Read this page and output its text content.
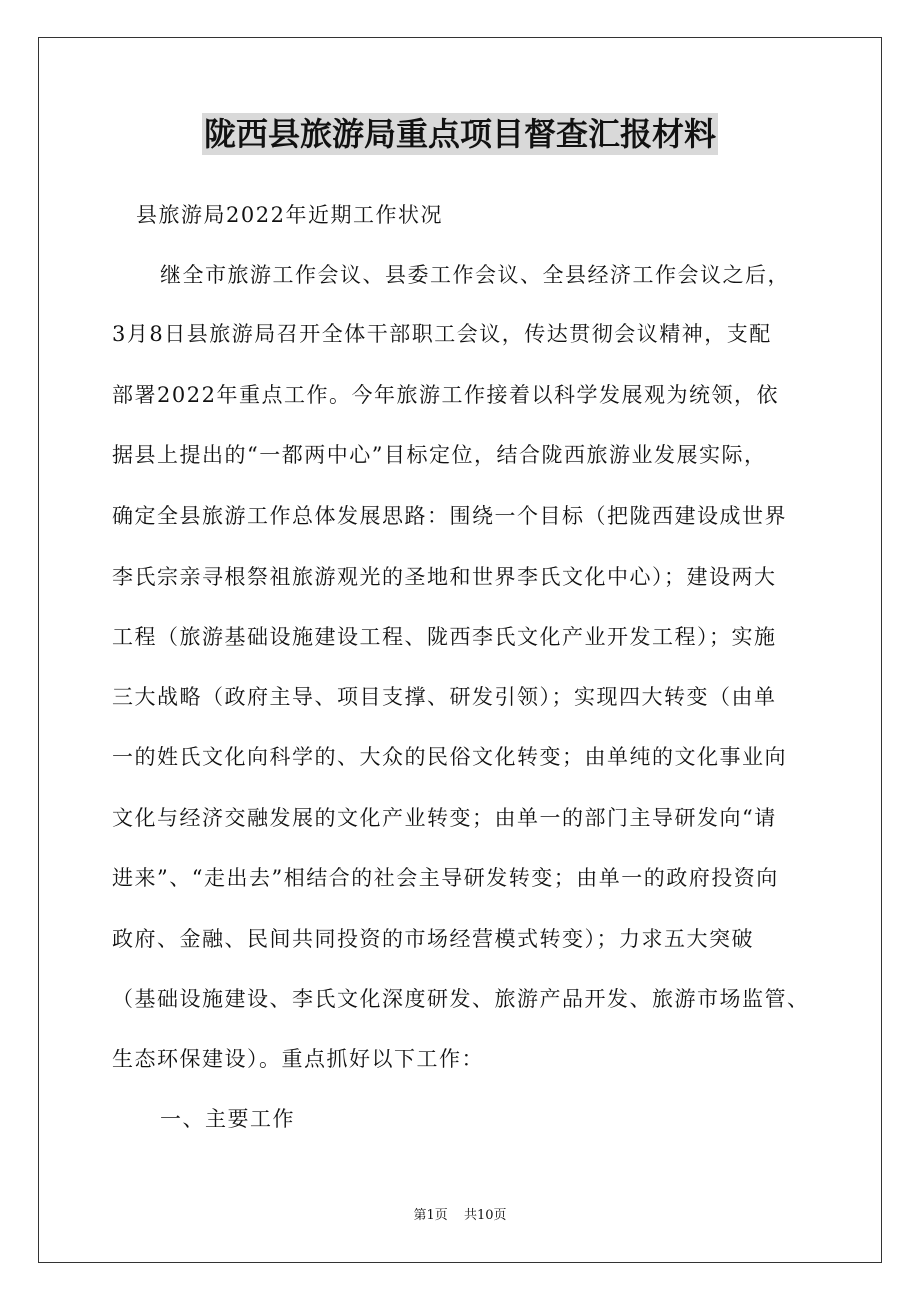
陇西县旅游局重点项目督查汇报材料
县旅游局2022年近期工作状况
继全市旅游工作会议、县委工作会议、全县经济工作会议之后，
3月8日县旅游局召开全体干部职工会议，传达贯彻会议精神，支配
部署2022年重点工作。今年旅游工作接着以科学发展观为统领，依
据县上提出的“一都两中心”目标定位，结合陇西旅游业发展实际，
确定全县旅游工作总体发展思路：围绕一个目标（把陇西建设成世界
李氏宗亲寻根祭祖旅游观光的圣地和世界李氏文化中心）；建设两大
工程（旅游基础设施建设工程、陇西李氏文化产业开发工程）；实施
三大战略（政府主导、项目支撑、研发引领）；实现四大转变（由单
一的姓氏文化向科学的、大众的民俗文化转变；由单纯的文化事业向
文化与经济交融发展的文化产业转变；由单一的部门主导研发向“请
进来”、“走出去”相结合的社会主导研发转变；由单一的政府投资向
政府、金融、民间共同投资的市场经营模式转变）；力求五大突破
（基础设施建设、李氏文化深度研发、旅游产品开发、旅游市场监管、
生态环保建设）。重点抓好以下工作：
一、主要工作
第1页 共10页
